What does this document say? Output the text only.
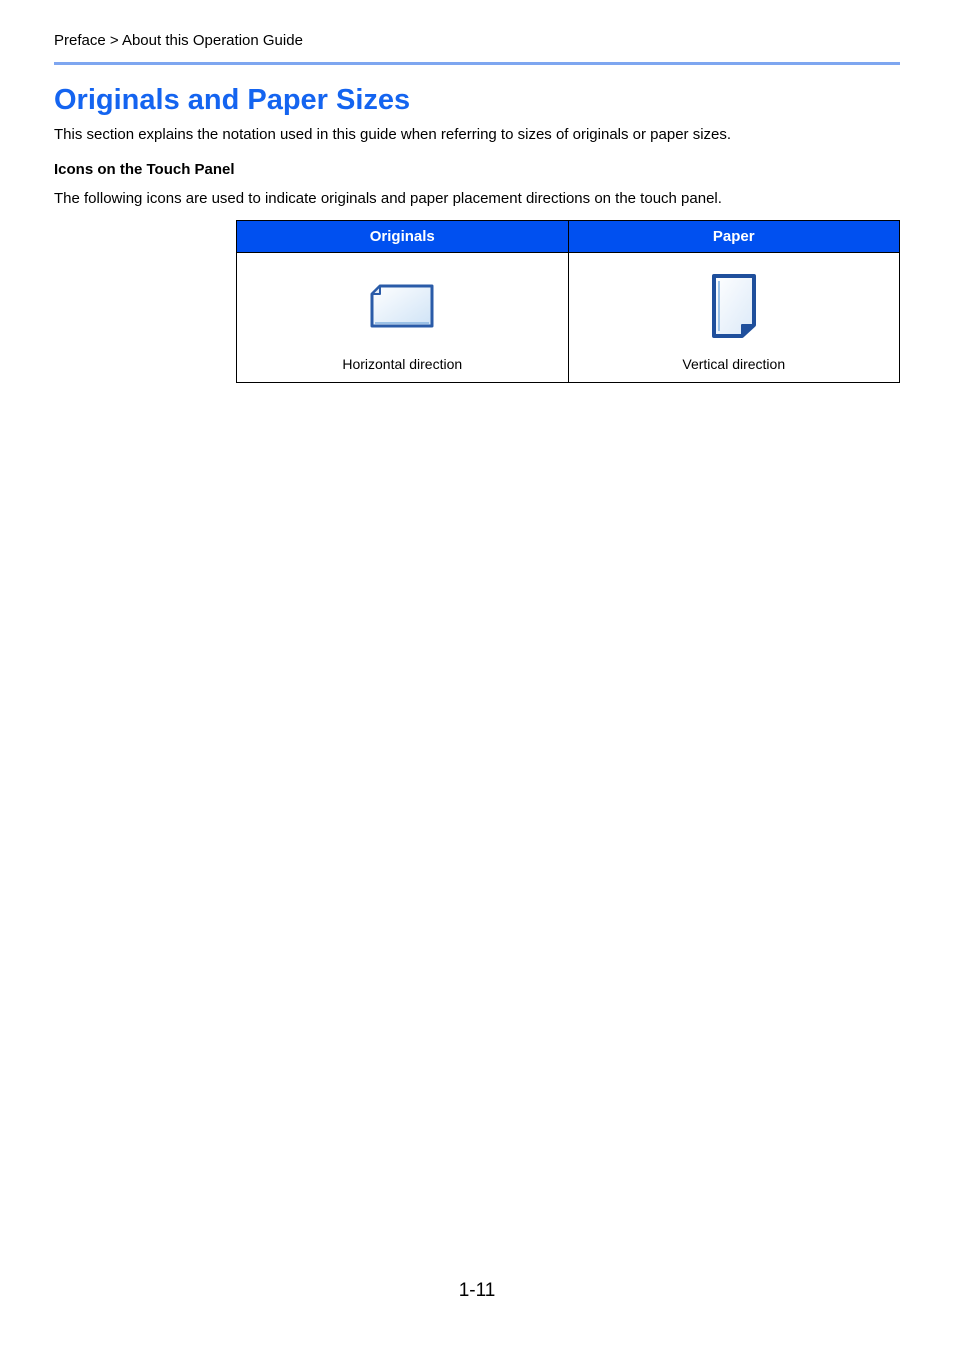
Preface > About this Operation Guide
Originals and Paper Sizes

This section explains the notation used in this guide when referring to sizes of originals or paper sizes.

Icons on the Touch Panel

The following icons are used to indicate originals and paper placement directions on the touch panel.

Originals	Paper

Horizontal direction	Vertical direction
1-11
